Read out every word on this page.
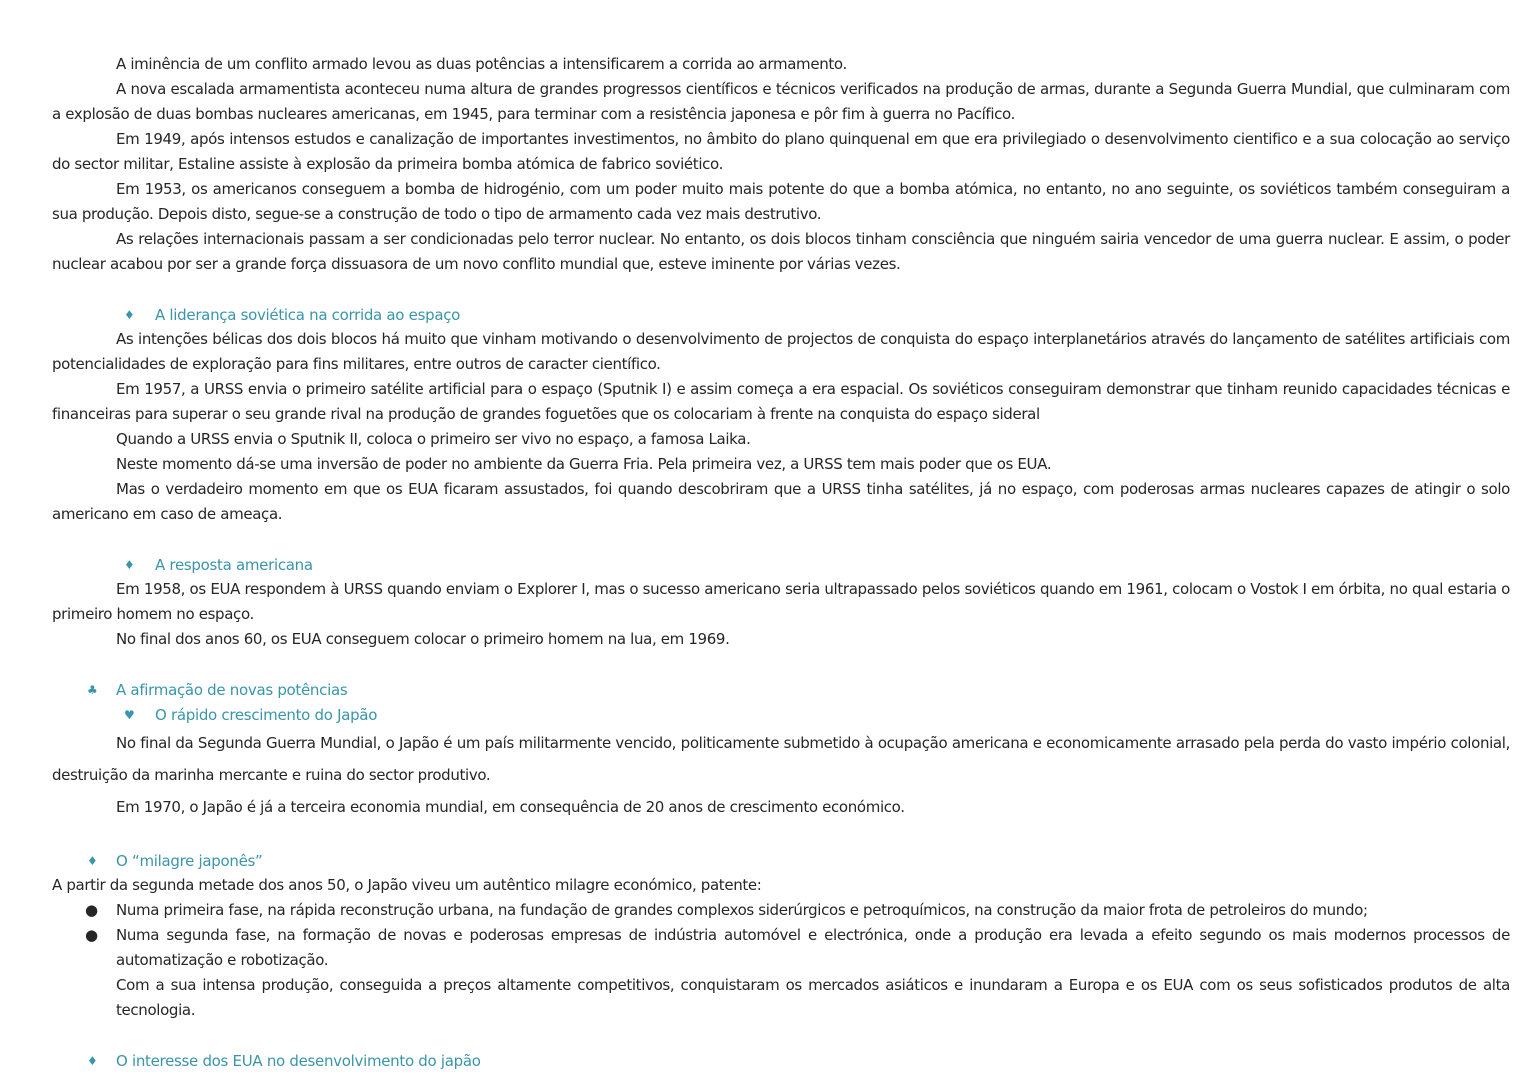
A iminência de um conflito armado levou as duas potências a intensificarem a corrida ao armamento.

A nova escalada armamentista aconteceu numa altura de grandes progressos científicos e técnicos verificados na produção de armas, durante a Segunda Guerra Mundial, que culminaram com a explosão de duas bombas nucleares americanas, em 1945, para terminar com a resistência japonesa e pôr fim à guerra no Pacífico.

Em 1949, após intensos estudos e canalização de importantes investimentos, no âmbito do plano quinquenal em que era privilegiado o desenvolvimento cientifico e a sua colocação ao serviço do sector militar, Estaline assiste à explosão da primeira bomba atómica de fabrico soviético.

Em 1953, os americanos conseguem a bomba de hidrogénio, com um poder muito mais potente do que a bomba atómica, no entanto, no ano seguinte, os soviéticos também conseguiram a sua produção. Depois disto, segue-se a construção de todo o tipo de armamento cada vez mais destrutivo.

As relações internacionais passam a ser condicionadas pelo terror nuclear. No entanto, os dois blocos tinham consciência que ninguém sairia vencedor de uma guerra nuclear. E assim, o poder nuclear acabou por ser a grande força dissuasora de um novo conflito mundial que, esteve iminente por várias vezes.

♦	A liderança soviética na corrida ao espaço

As intenções bélicas dos dois blocos há muito que vinham motivando o desenvolvimento de projectos de conquista do espaço interplanetários através do lançamento de satélites artificiais com potencialidades de exploração para fins militares, entre outros de caracter científico.

Em 1957, a URSS envia o primeiro satélite artificial para o espaço (Sputnik I) e assim começa a era espacial. Os soviéticos conseguiram demonstrar que tinham reunido capacidades técnicas e financeiras para superar o seu grande rival na produção de grandes foguetões que os colocariam à frente na conquista do espaço sideral

Quando a URSS envia o Sputnik II, coloca o primeiro ser vivo no espaço, a famosa Laika.

Neste momento dá-se uma inversão de poder no ambiente da Guerra Fria. Pela primeira vez, a URSS tem mais poder que os EUA.

Mas o verdadeiro momento em que os EUA ficaram assustados, foi quando descobriram que a URSS tinha satélites, já no espaço, com poderosas armas nucleares capazes de atingir o solo americano em caso de ameaça.

♦	A resposta americana

Em 1958, os EUA respondem à URSS quando enviam o Explorer I, mas o sucesso americano seria ultrapassado pelos soviéticos quando em 1961, colocam o Vostok I em órbita, no qual estaria o primeiro homem no espaço.

No final dos anos 60, os EUA conseguem colocar o primeiro homem na lua, em 1969.

♣	A afirmação de novas potências
♥	O rápido crescimento do Japão

No final da Segunda Guerra Mundial, o Japão é um país militarmente vencido, politicamente submetido à ocupação americana e economicamente arrasado pela perda do vasto império colonial, destruição da marinha mercante e ruina do sector produtivo.

Em 1970, o Japão é já a terceira economia mundial, em consequência de 20 anos de crescimento económico.

♦	O “milagre japonês”

A partir da segunda metade dos anos 50, o Japão viveu um autêntico milagre económico, patente:

●	Numa primeira fase, na rápida reconstrução urbana, na fundação de grandes complexos siderúrgicos e petroquímicos, na construção da maior frota de petroleiros do mundo;

●	Numa segunda fase, na formação de novas e poderosas empresas de indústria automóvel e electrónica, onde a produção era levada a efeito segundo os mais modernos processos de automatização e robotização.

Com a sua intensa produção, conseguida a preços altamente competitivos, conquistaram os mercados asiáticos e inundaram a Europa e os EUA com os seus sofisticados produtos de alta tecnologia.

♦	O interesse dos EUA no desenvolvimento do japão
